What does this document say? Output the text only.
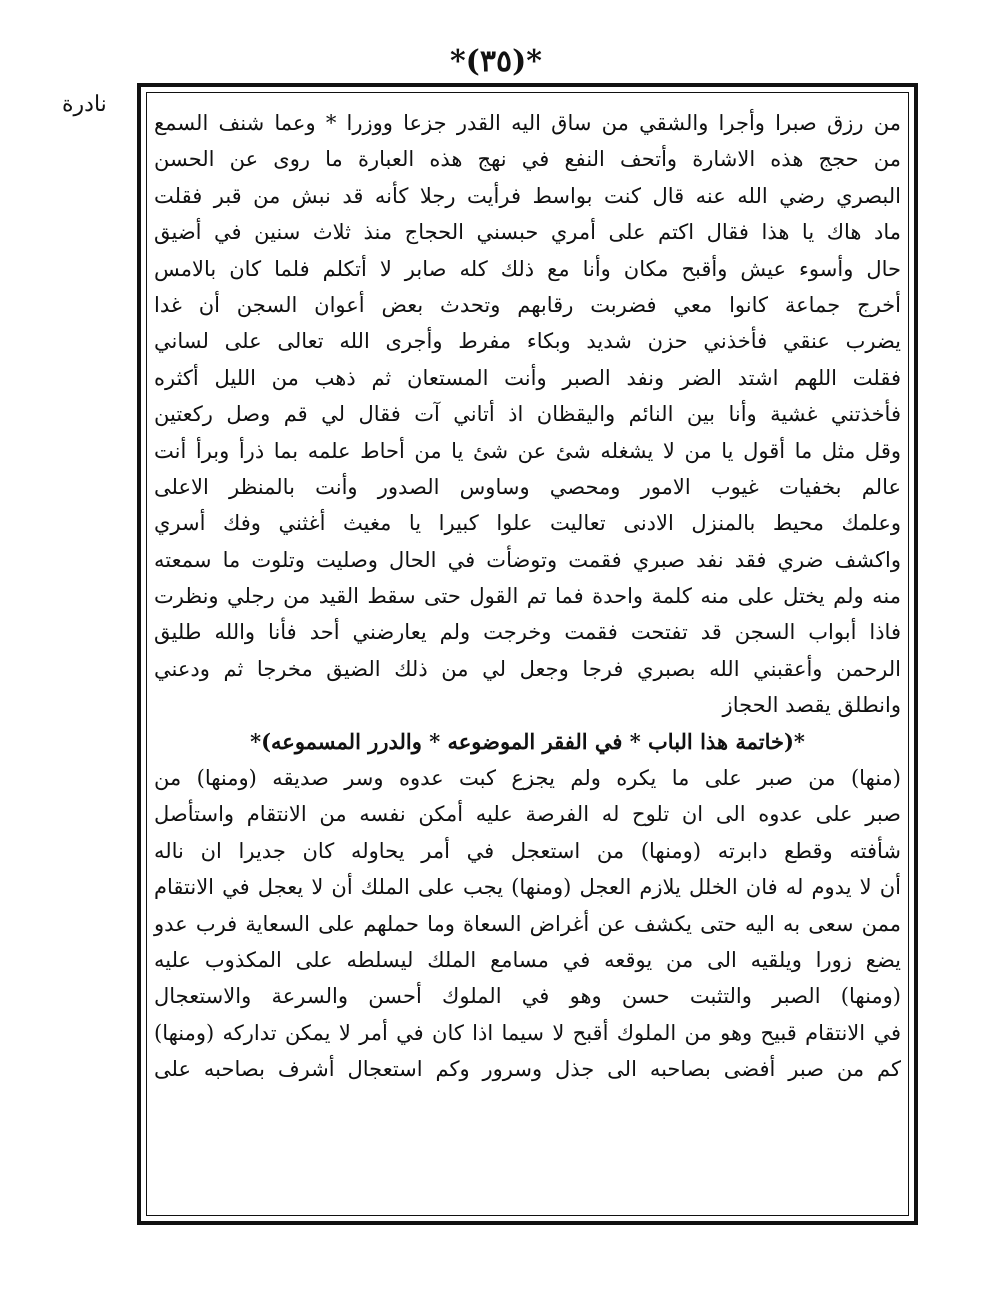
*(٣٥)*
نادرة
من رزق صبرا وأجرا والشقي من ساق اليه القدر جزعا ووزرا * وعما شنف السمع
من حجج هذه الاشارة وأتحف النفع في نهج هذه العبارة ما روى عن الحسن
البصري رضي الله عنه قال كنت بواسط فرأيت رجلا كأنه قد نبش من قبر فقلت
ماد هاك يا هذا فقال اكتم على أمري حبسني الحجاج منذ ثلاث سنين في أضيق
حال وأسوء عيش وأقبح مكان وأنا مع ذلك كله صابر لا أتكلم فلما كان بالامس
أخرج جماعة كانوا معي فضربت رقابهم وتحدث بعض أعوان السجن أن غدا
يضرب عنقي فأخذني حزن شديد وبكاء مفرط وأجرى الله تعالى على لساني
فقلت اللهم اشتد الضر ونفد الصبر وأنت المستعان ثم ذهب من الليل أكثره
فأخذتني غشية وأنا بين النائم واليقظان اذ أتاني آت فقال لي قم وصل ركعتين
وقل مثل ما أقول يا من لا يشغله شئ عن شئ يا من أحاط علمه بما ذرأ وبرأ أنت
عالم بخفيات غيوب الامور ومحصي وساوس الصدور وأنت بالمنظر الاعلى
وعلمك محيط بالمنزل الادنى تعاليت علوا كبيرا يا مغيث أغثني وفك أسري
واكشف ضري فقد نفد صبري فقمت وتوضأت في الحال وصليت وتلوت ما سمعته
منه ولم يختل على منه كلمة واحدة فما تم القول حتى سقط القيد من رجلي ونظرت
فاذا أبواب السجن قد تفتحت فقمت وخرجت ولم يعارضني أحد فأنا والله طليق
الرحمن وأعقبني الله بصبري فرجا وجعل لي من ذلك الضيق مخرجا ثم ودعني
وانطلق يقصد الحجاز
*(خاتمة هذا الباب * في الفقر الموضوعه * والدرر المسموعه)*
(منها) من صبر على ما يكره ولم يجزع كبت عدوه وسر صديقه (ومنها) من
صبر على عدوه الى ان تلوح له الفرصة عليه أمكن نفسه من الانتقام واستأصل
شأفته وقطع دابرته (ومنها) من استعجل في أمر يحاوله كان جديرا ان ناله
أن لا يدوم له فان الخلل يلازم العجل (ومنها) يجب على الملك أن لا يعجل في الانتقام
ممن سعى به اليه حتى يكشف عن أغراض السعاة وما حملهم على السعاية فرب عدو
يضع زورا ويلقيه الى من يوقعه في مسامع الملك ليسلطه على المكذوب عليه
(ومنها) الصبر والتثبت حسن وهو في الملوك أحسن والسرعة والاستعجال
في الانتقام قبيح وهو من الملوك أقبح لا سيما اذا كان في أمر لا يمكن تداركه (ومنها)
كم من صبر أفضى بصاحبه الى جذل وسرور وكم استعجال أشرف بصاحبه على
